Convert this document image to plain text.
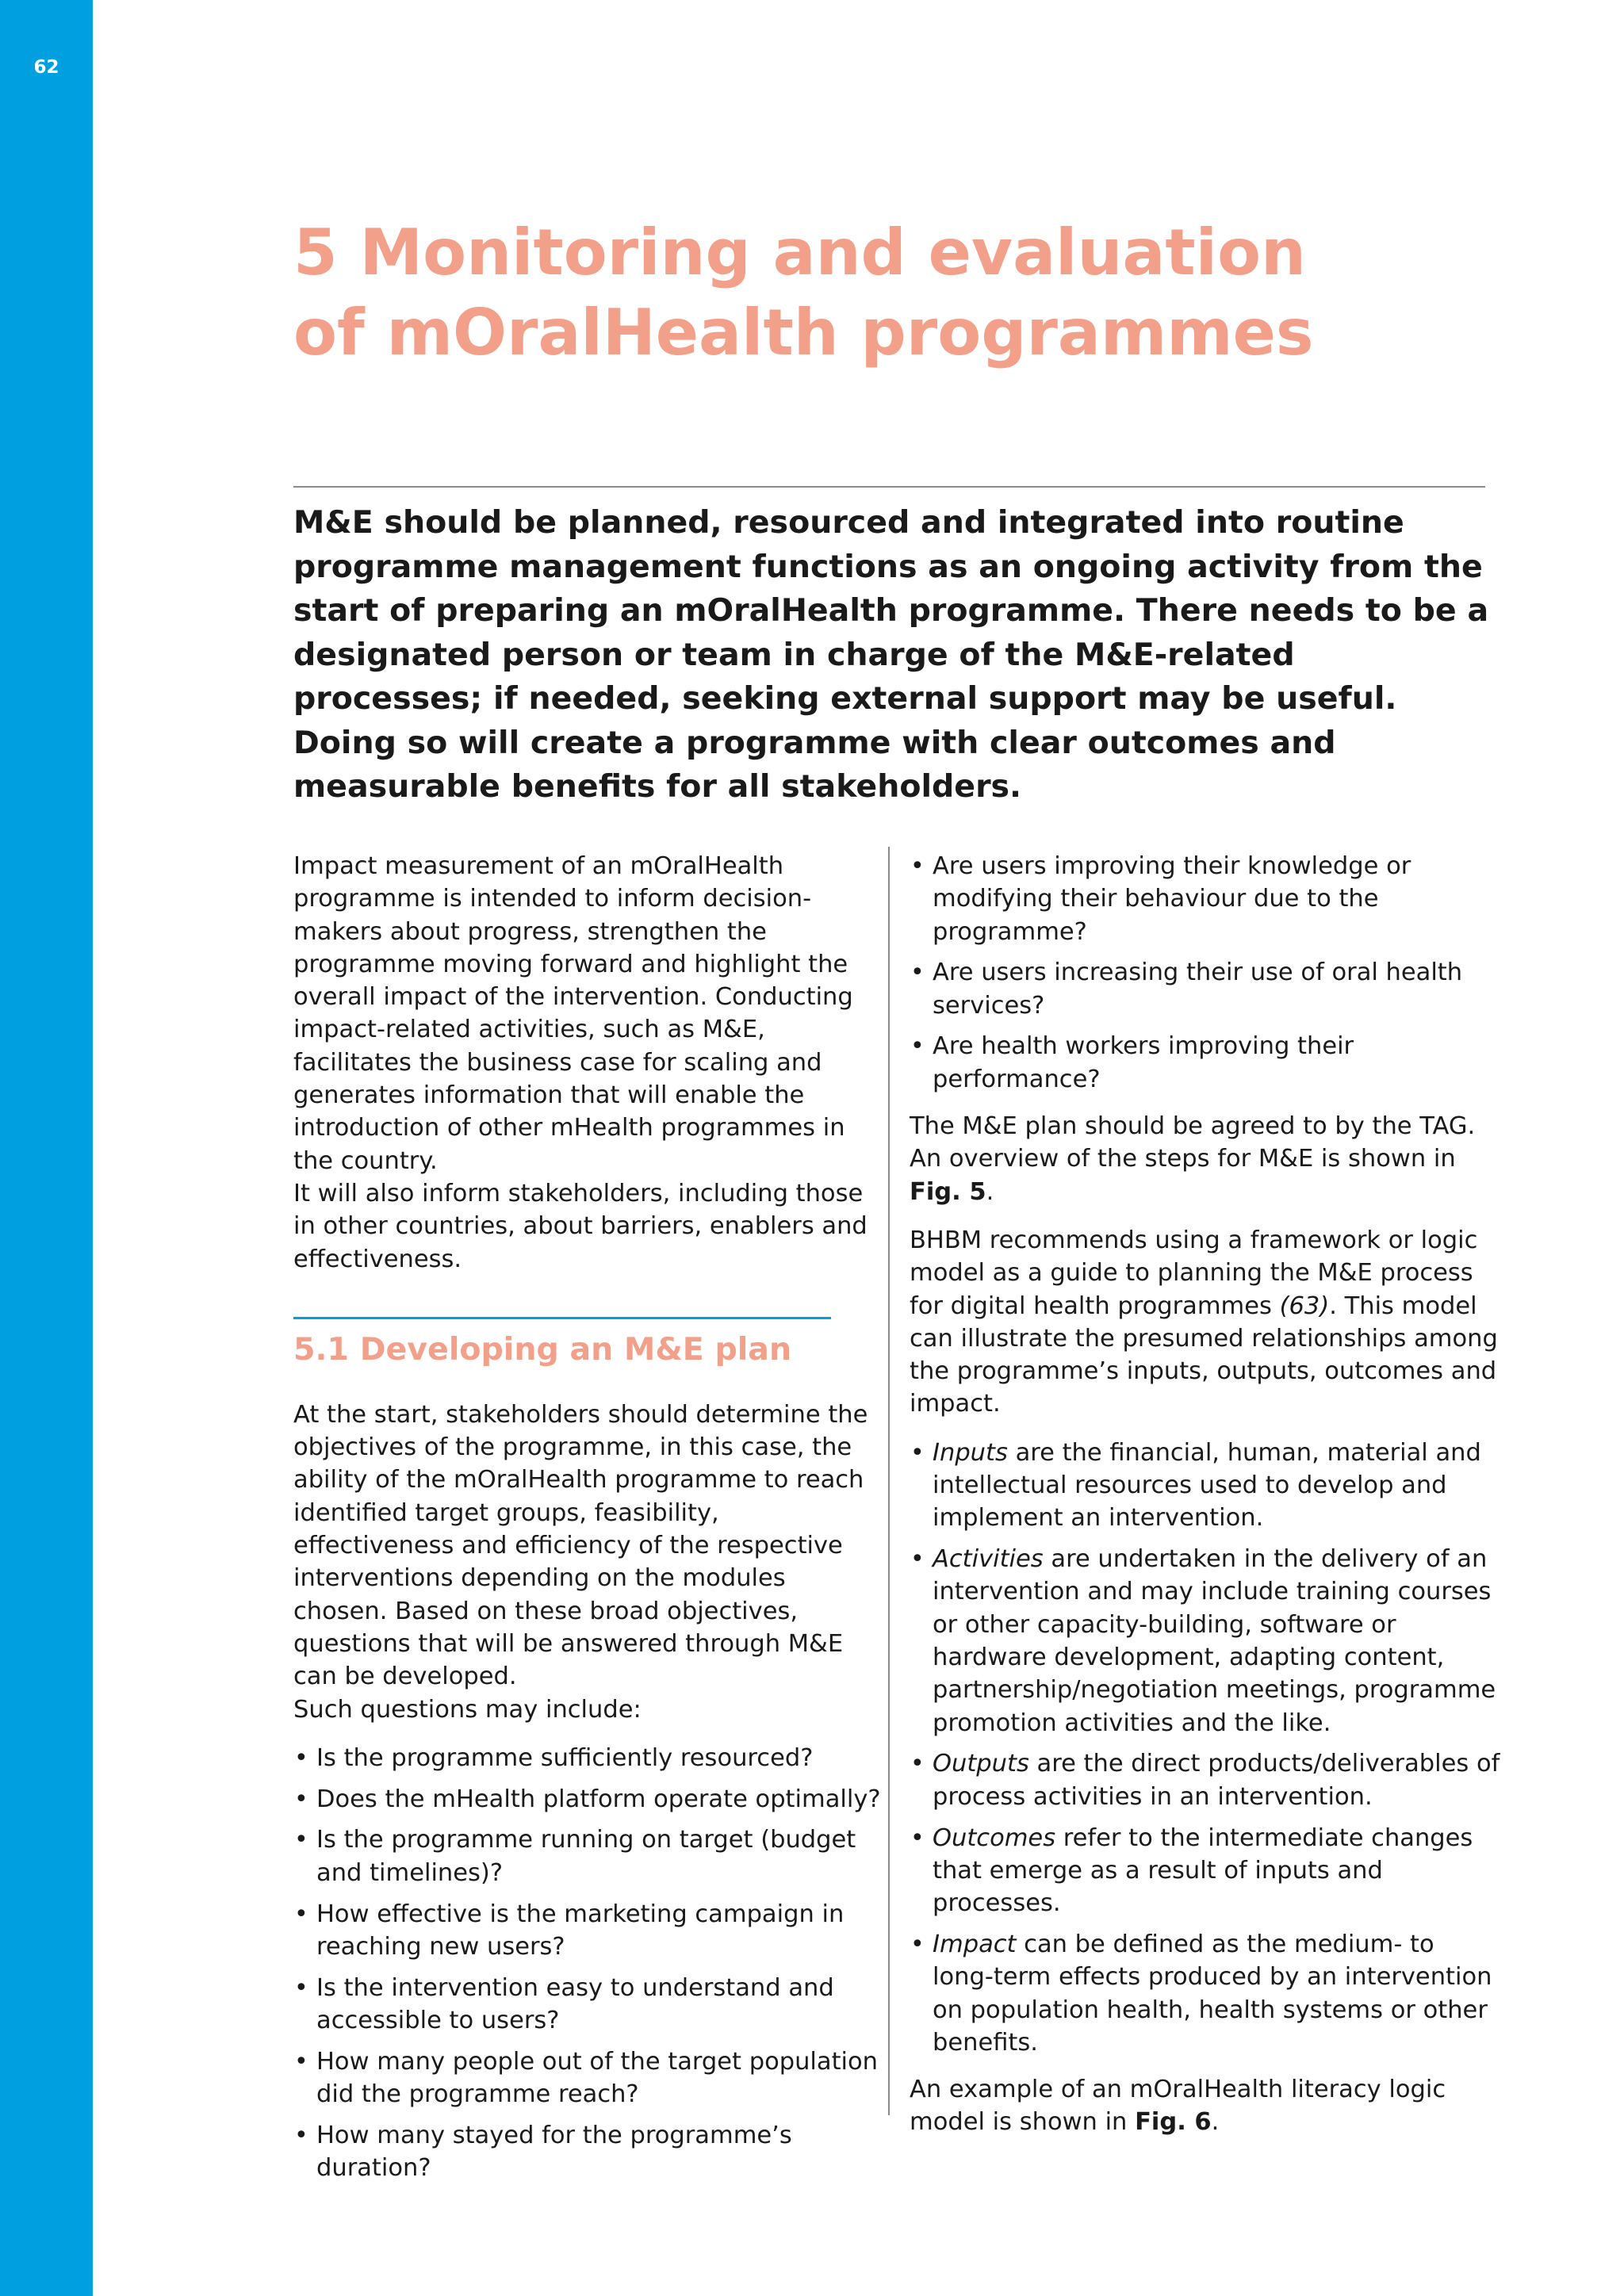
62
5 Monitoring and evaluation
of mOralHealth programmes

M&E should be planned, resourced and integrated into routine programme management functions as an ongoing activity from the start of preparing an mOralHealth programme. There needs to be a designated person or team in charge of the M&E-related processes; if needed, seeking external support may be useful. Doing so will create a programme with clear outcomes and measurable benefits for all stakeholders.

Impact measurement of an mOralHealth programme is intended to inform decision-makers about progress, strengthen the programme moving forward and highlight the overall impact of the intervention. Conducting impact-related activities, such as M&E, facilitates the business case for scaling and generates information that will enable the introduction of other mHealth programmes in the country.
It will also inform stakeholders, including those in other countries, about barriers, enablers and effectiveness.

5.1 Developing an M&E plan

At the start, stakeholders should determine the objectives of the programme, in this case, the ability of the mOralHealth programme to reach identified target groups, feasibility, effectiveness and efficiency of the respective interventions depending on the modules chosen. Based on these broad objectives, questions that will be answered through M&E can be developed.
Such questions may include:

• Is the programme sufficiently resourced?
• Does the mHealth platform operate optimally?
• Is the programme running on target (budget and timelines)?
• How effective is the marketing campaign in reaching new users?
• Is the intervention easy to understand and accessible to users?
• How many people out of the target population did the programme reach?
• How many stayed for the programme’s duration?
• Are users improving their knowledge or modifying their behaviour due to the programme?
• Are users increasing their use of oral health services?
• Are health workers improving their performance?

The M&E plan should be agreed to by the TAG. An overview of the steps for M&E is shown in Fig. 5.

BHBM recommends using a framework or logic model as a guide to planning the M&E process for digital health programmes (63). This model can illustrate the presumed relationships among the programme’s inputs, outputs, outcomes and impact.

• Inputs are the financial, human, material and intellectual resources used to develop and implement an intervention.
• Activities are undertaken in the delivery of an intervention and may include training courses or other capacity-building, software or hardware development, adapting content, partnership/negotiation meetings, programme promotion activities and the like.
• Outputs are the direct products/deliverables of process activities in an intervention.
• Outcomes refer to the intermediate changes that emerge as a result of inputs and processes.
• Impact can be defined as the medium- to long-term effects produced by an intervention on population health, health systems or other benefits.

An example of an mOralHealth literacy logic model is shown in Fig. 6.
